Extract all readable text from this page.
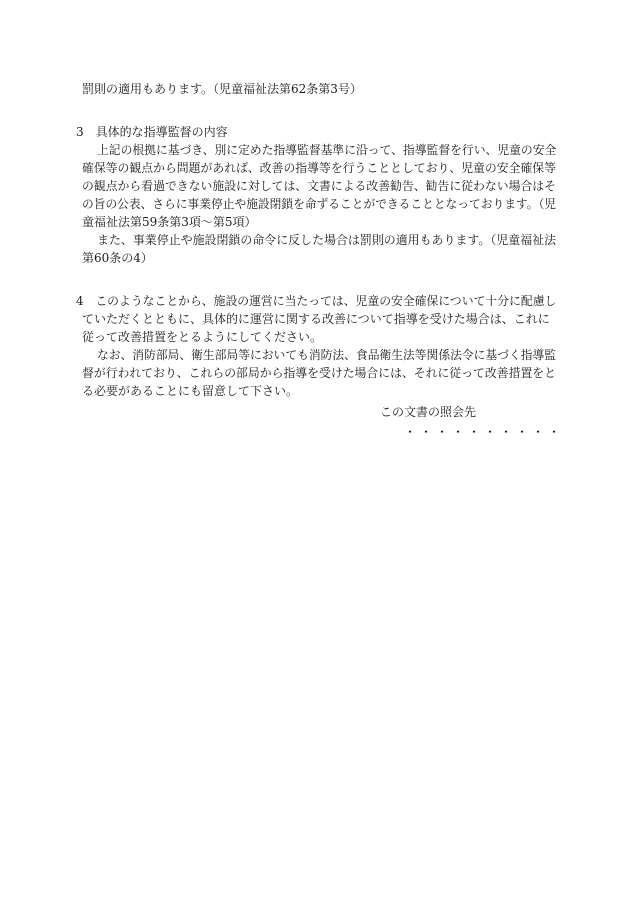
罰則の適用もあります。（児童福祉法第62条第3号）
3　具体的な指導監督の内容
上記の根拠に基づき、別に定めた指導監督基準に沿って、指導監督を行い、児童の安全
確保等の観点から問題があれば、改善の指導等を行うこととしており、児童の安全確保等
の観点から看過できない施設に対しては、文書による改善勧告、勧告に従わない場合はそ
の旨の公表、さらに事業停止や施設閉鎖を命ずることができることとなっております。（児
童福祉法第59条第3項～第5項）
また、事業停止や施設閉鎖の命令に反した場合は罰則の適用もあります。（児童福祉法
第60条の4）
4　このようなことから、施設の運営に当たっては、児童の安全確保について十分に配慮し
ていただくとともに、具体的に運営に関する改善について指導を受けた場合は、これに
従って改善措置をとるようにしてください。
なお、消防部局、衛生部局等においても消防法、食品衛生法等関係法令に基づく指導監
督が行われており、これらの部局から指導を受けた場合には、それに従って改善措置をと
る必要があることにも留意して下さい。
この文書の照会先
・・・・・・・・・・
